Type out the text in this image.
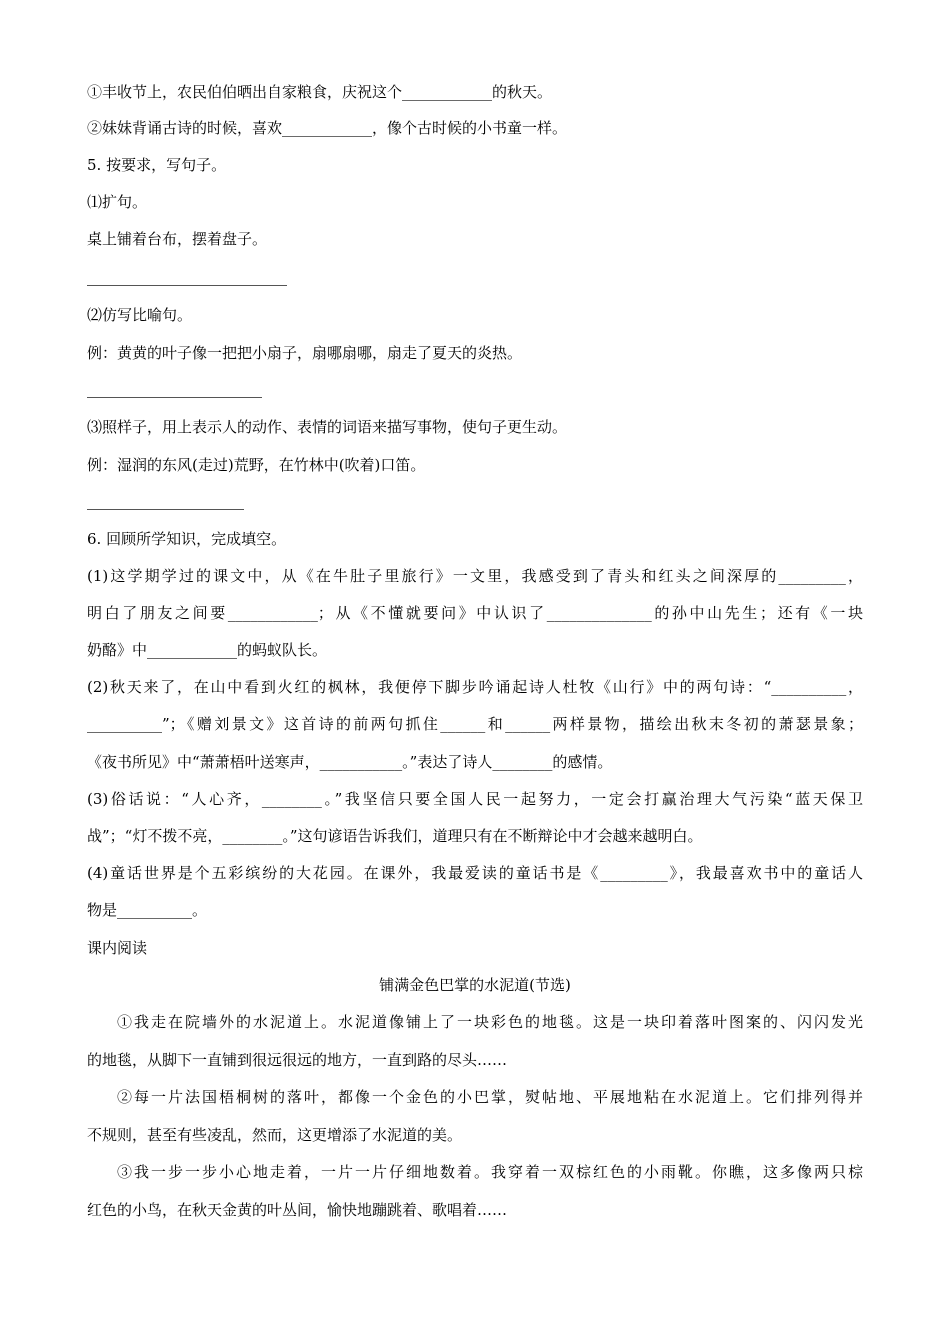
①丰收节上，农民伯伯晒出自家粮食，庆祝这个____________的秋天。
②妹妹背诵古诗的时候，喜欢____________，像个古时候的小书童一样。
5. 按要求，写句子。
⑴扩句。
桌上铺着台布，摆着盘子。
⑵仿写比喻句。
例：黄黄的叶子像一把把小扇子，扇哪扇哪，扇走了夏天的炎热。
⑶照样子，用上表示人的动作、表情的词语来描写事物，使句子更生动。
例：湿润的东风(走过)荒野，在竹林中(吹着)口笛。
6. 回顾所学知识，完成填空。
(1)这学期学过的课文中，从《在牛肚子里旅行》一文里，我感受到了青头和红头之间深厚的_________，
明白了朋友之间要____________；从《不懂就要问》中认识了______________的孙中山先生；还有《一块
奶酪》中____________的蚂蚁队长。
(2)秋天来了，在山中看到火红的枫林，我便停下脚步吟诵起诗人杜牧《山行》中的两句诗：“__________，
__________”；《赠刘景文》这首诗的前两句抓住______和______两样景物，描绘出秋末冬初的萧瑟景象；
《夜书所见》中“萧萧梧叶送寒声，___________。”表达了诗人________的感情。
(3)俗话说：“人心齐，________。”我坚信只要全国人民一起努力，一定会打赢治理大气污染“蓝天保卫
战”；“灯不拨不亮，________。”这句谚语告诉我们，道理只有在不断辩论中才会越来越明白。
(4)童话世界是个五彩缤纷的大花园。在课外，我最爱读的童话书是《_________》，我最喜欢书中的童话人
物是__________。
课内阅读
铺满金色巴掌的水泥道(节选)
①我走在院墙外的水泥道上。水泥道像铺上了一块彩色的地毯。这是一块印着落叶图案的、闪闪发光
的地毯，从脚下一直铺到很远很远的地方，一直到路的尽头……
②每一片法国梧桐树的落叶，都像一个金色的小巴掌，熨帖地、平展地粘在水泥道上。它们排列得并
不规则，甚至有些凌乱，然而，这更增添了水泥道的美。
③我一步一步小心地走着，一片一片仔细地数着。我穿着一双棕红色的小雨靴。你瞧，这多像两只棕
红色的小鸟，在秋天金黄的叶丛间，愉快地蹦跳着、歌唱着……
